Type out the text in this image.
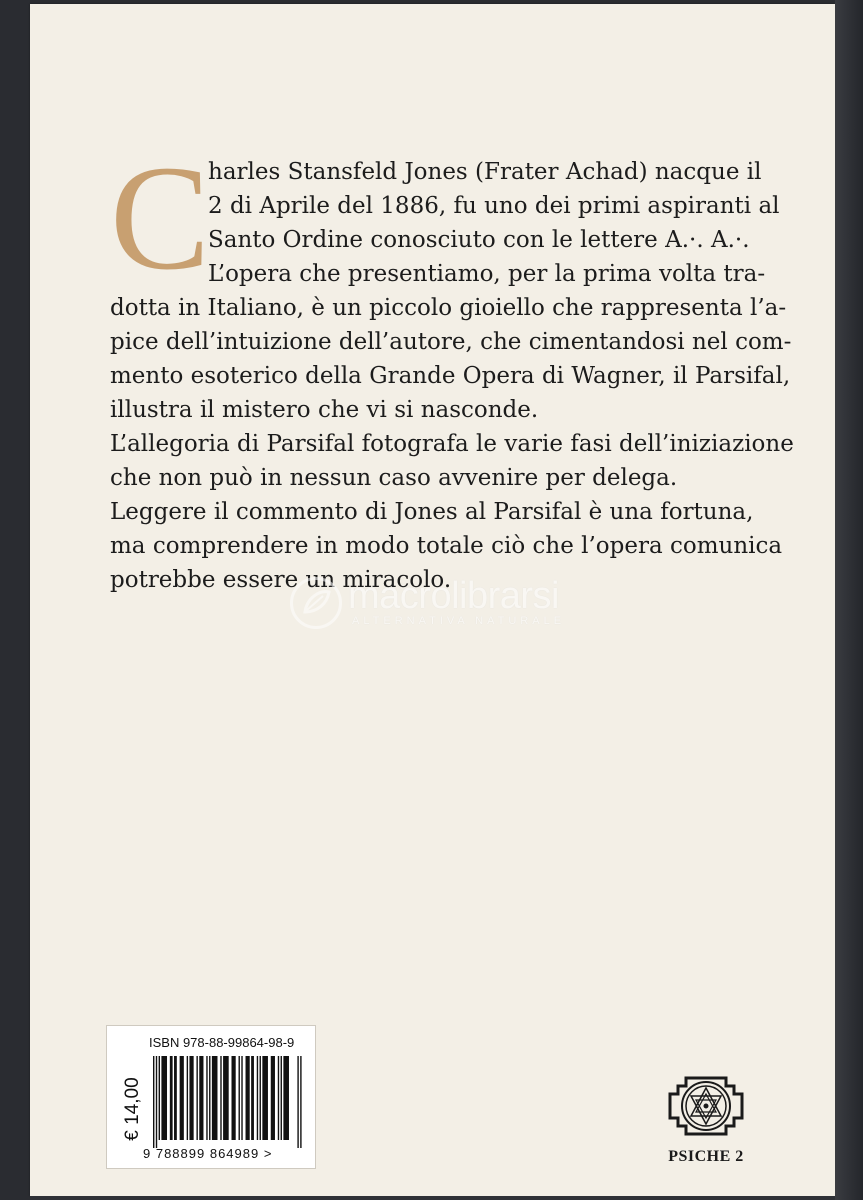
C
harles Stansfeld Jones (Frater Achad) nacque il
2 di Aprile del 1886, fu uno dei primi aspiranti al
Santo Ordine conosciuto con le lettere A.·. A.·.
L’opera che presentiamo, per la prima volta tra-
dotta in Italiano, è un piccolo gioiello che rappresenta l’a-
pice dell’intuizione dell’autore, che cimentandosi nel com-
mento esoterico della Grande Opera di Wagner, il Parsifal,
illustra il mistero che vi si nasconde.
L’allegoria di Parsifal fotografa le varie fasi dell’iniziazione
che non può in nessun caso avvenire per delega.
Leggere il commento di Jones al Parsifal è una fortuna,
ma comprendere in modo totale ciò che l’opera comunica
potrebbe essere un miracolo.
macrolibrarsi
ALTERNATIVA NATURALE
ISBN 978-88-99864-98-9
€ 14,00
9 788899 864989 >	PSICHE 2
